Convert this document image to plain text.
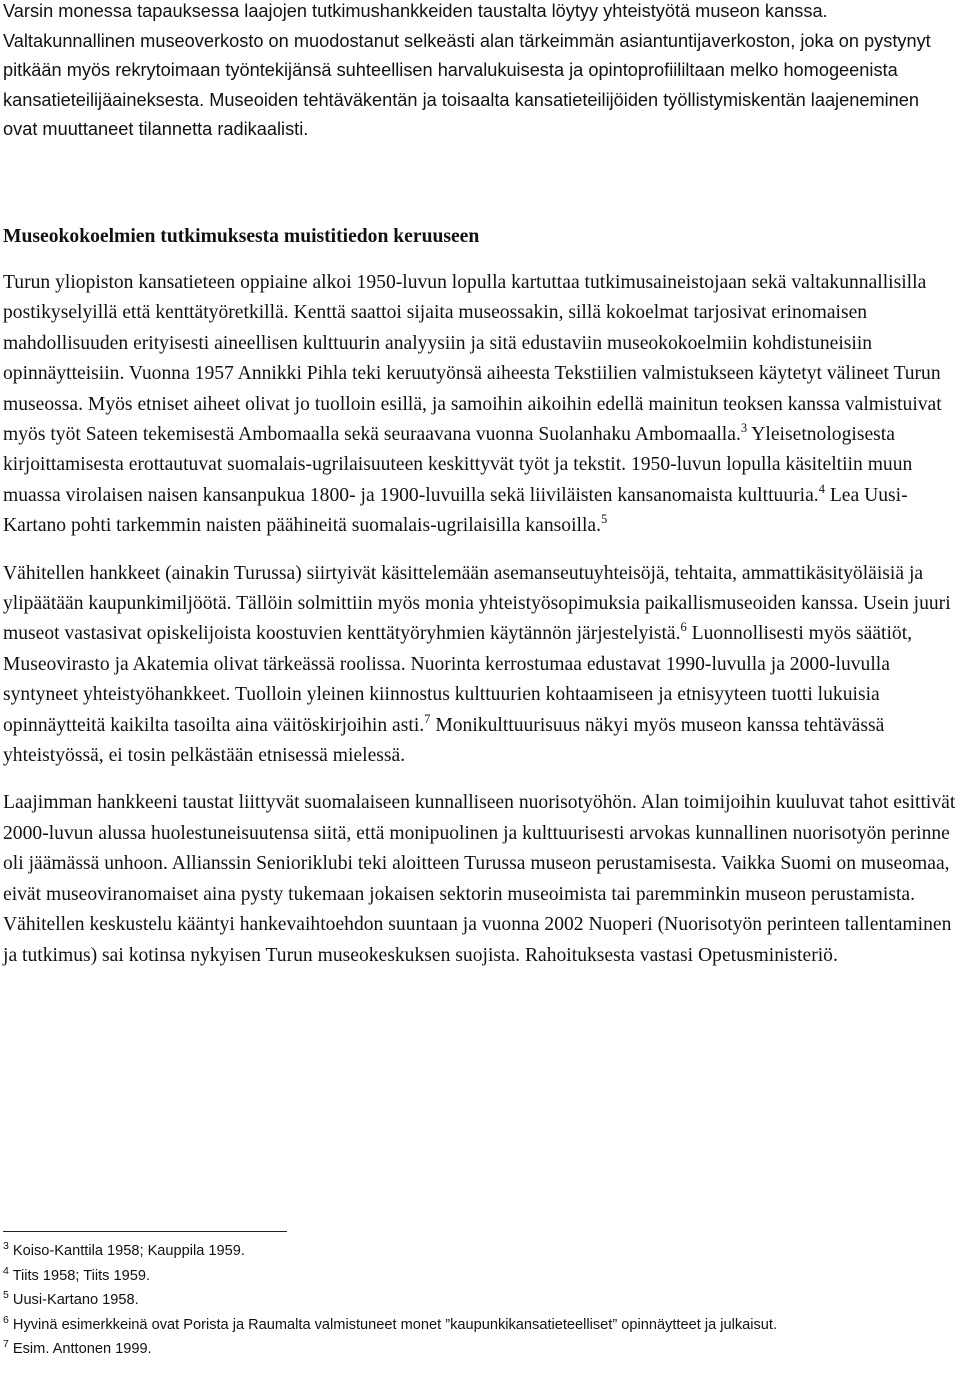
Varsin monessa tapauksessa laajojen tutkimushankkeiden taustalta löytyy yhteistyötä museon kanssa. Valtakunnallinen museoverkosto on muodostanut selkeästi alan tärkeimmän asiantuntijaverkoston, joka on pystynyt pitkään myös rekrytoimaan työntekijänsä suhteellisen harvalukuisesta ja opintoprofiililtaan melko homogeenista kansatieteilijäaineksesta. Museoiden tehtäväkentän ja toisaalta kansatieteilijöiden työllistymiskentän laajeneminen ovat muuttaneet tilannetta radikaalisti.

Museokokoelmien tutkimuksesta muistitiedon keruuseen

Turun yliopiston kansatieteen oppiaine alkoi 1950-luvun lopulla kartuttaa tutkimusaineistojaan sekä valtakunnallisilla postikyselyillä että kenttätyöretkillä. Kenttä saattoi sijaita museossakin, sillä kokoelmat tarjosivat erinomaisen mahdollisuuden erityisesti aineellisen kulttuurin analyysiin ja sitä edustaviin museokokoelmiin kohdistuneisiin opinnäytteisiin. Vuonna 1957 Annikki Pihla teki keruutyönsä aiheesta Tekstiilien valmistukseen käytetyt välineet Turun museossa. Myös etniset aiheet olivat jo tuolloin esillä, ja samoihin aikoihin edellä mainitun teoksen kanssa valmistuivat myös työt Sateen tekemisestä Ambomaalla sekä seuraavana vuonna Suolanhaku Ambomaalla.$^3$ Yleisetnologisesta kirjoittamisesta erottautuvat suomalais-ugrilaisuuteen keskittyvät työt ja tekstit. 1950-luvun lopulla käsiteltiin muun muassa virolaisen naisen kansanpukua 1800- ja 1900-luvuilla sekä liiviläisten kansanomaista kulttuuria.$^4$ Lea Uusi-Kartano pohti tarkemmin naisten päähineitä suomalais-ugrilaisilla kansoilla.$^5$

Vähitellen hankkeet (ainakin Turussa) siirtyivät käsittelemään asemanseutuyhteisöjä, tehtaita, ammattikäsityöläisiä ja ylipäätään kaupunkimiljöötä. Tällöin solmittiin myös monia yhteistyösopimuksia paikallismuseoiden kanssa. Usein juuri museot vastasivat opiskelijoista koostuvien kenttätyöryhmien käytännön järjestelyistä.$^6$ Luonnollisesti myös säätiöt, Museovirasto ja Akatemia olivat tärkeässä roolissa. Nuorinta kerrostumaa edustavat 1990-luvulla ja 2000-luvulla syntyneet yhteistyöhankkeet. Tuolloin yleinen kiinnostus kulttuurien kohtaamiseen ja etnisyyteen tuotti lukuisia opinnäytteitä kaikilta tasoilta aina väitöskirjoihin asti.$^7$ Monikulttuurisuus näkyi myös museon kanssa tehtävässä yhteistyössä, ei tosin pelkästään etnisessä mielessä.

Laajimman hankkeeni taustat liittyvät suomalaiseen kunnalliseen nuorisotyöhön. Alan toimijoihin kuuluvat tahot esittivät 2000-luvun alussa huolestuneisuutensa siitä, että monipuolinen ja kulttuurisesti arvokas kunnallinen nuorisotyön perinne oli jäämässä unhoon. Allianssin Senioriklubi teki aloitteen Turussa museon perustamisesta. Vaikka Suomi on museomaa, eivät museoviranomaiset aina pysty tukemaan jokaisen sektorin museoimista tai paremminkin museon perustamista. Vähitellen keskustelu kääntyi hankevaihtoehdon suuntaan ja vuonna 2002 Nuoperi (Nuorisotyön perinteen tallentaminen ja tutkimus) sai kotinsa nykyisen Turun museokeskuksen suojista. Rahoituksesta vastasi Opetusministeriö.

$^3$ Koiso-Kanttila 1958; Kauppila 1959.

$^4$ Tiits 1958; Tiits 1959.

$^5$ Uusi-Kartano 1958.

$^6$ Hyvinä esimerkkeinä ovat Porista ja Raumalta valmistuneet monet ”kaupunkikansatieteelliset” opinnäytteet ja julkaisut.

$^7$ Esim. Anttonen 1999.
